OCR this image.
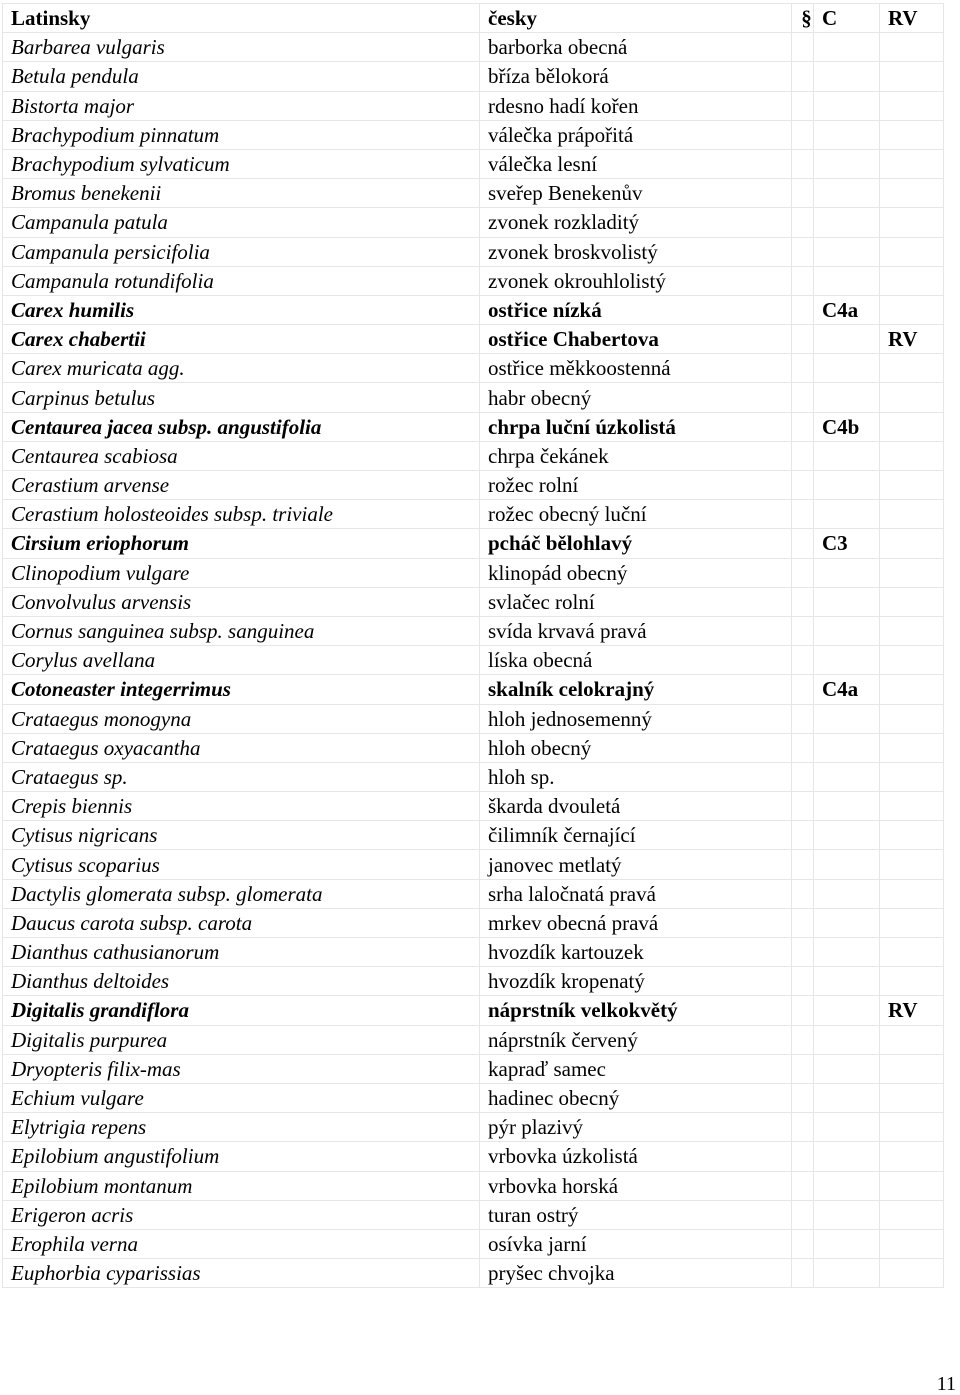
Latinsky	česky	§	C	RV
Barbarea vulgaris	barborka obecná			
Betula pendula	bříza bělokorá			
Bistorta major	rdesno hadí kořen			
Brachypodium pinnatum	válečka prápořitá			
Brachypodium sylvaticum	válečka lesní			
Bromus benekenii	sveřep Benekenův			
Campanula patula	zvonek rozkladitý			
Campanula persicifolia	zvonek broskvolistý			
Campanula rotundifolia	zvonek okrouhlolistý			
Carex humilis	ostřice nízká		C4a	
Carex chabertii	ostřice Chabertova			RV
Carex muricata agg.	ostřice měkkoostenná			
Carpinus betulus	habr obecný			
Centaurea jacea subsp. angustifolia	chrpa luční úzkolistá		C4b	
Centaurea scabiosa	chrpa čekánek			
Cerastium arvense	rožec rolní			
Cerastium holosteoides subsp. triviale	rožec obecný luční			
Cirsium eriophorum	pcháč bělohlavý		C3	
Clinopodium vulgare	klinopád obecný			
Convolvulus arvensis	svlačec rolní			
Cornus sanguinea subsp. sanguinea	svída krvavá pravá			
Corylus avellana	líska obecná			
Cotoneaster integerrimus	skalník celokrajný		C4a	
Crataegus monogyna	hloh jednosemenný			
Crataegus oxyacantha	hloh obecný			
Crataegus sp.	hloh sp.			
Crepis biennis	škarda dvouletá			
Cytisus nigricans	čilimník černající			
Cytisus scoparius	janovec metlatý			
Dactylis glomerata subsp. glomerata	srha laločnatá pravá			
Daucus carota subsp. carota	mrkev obecná pravá			
Dianthus cathusianorum	hvozdík kartouzek			
Dianthus deltoides	hvozdík kropenatý			
Digitalis grandiflora	náprstník velkokvětý			RV
Digitalis purpurea	náprstník červený			
Dryopteris filix-mas	kapraď samec			
Echium vulgare	hadinec obecný			
Elytrigia repens	pýr plazivý			
Epilobium angustifolium	vrbovka úzkolistá			
Epilobium montanum	vrbovka horská			
Erigeron acris	turan ostrý			
Erophila verna	osívka jarní			
Euphorbia cyparissias	pryšec chvojka			
11
